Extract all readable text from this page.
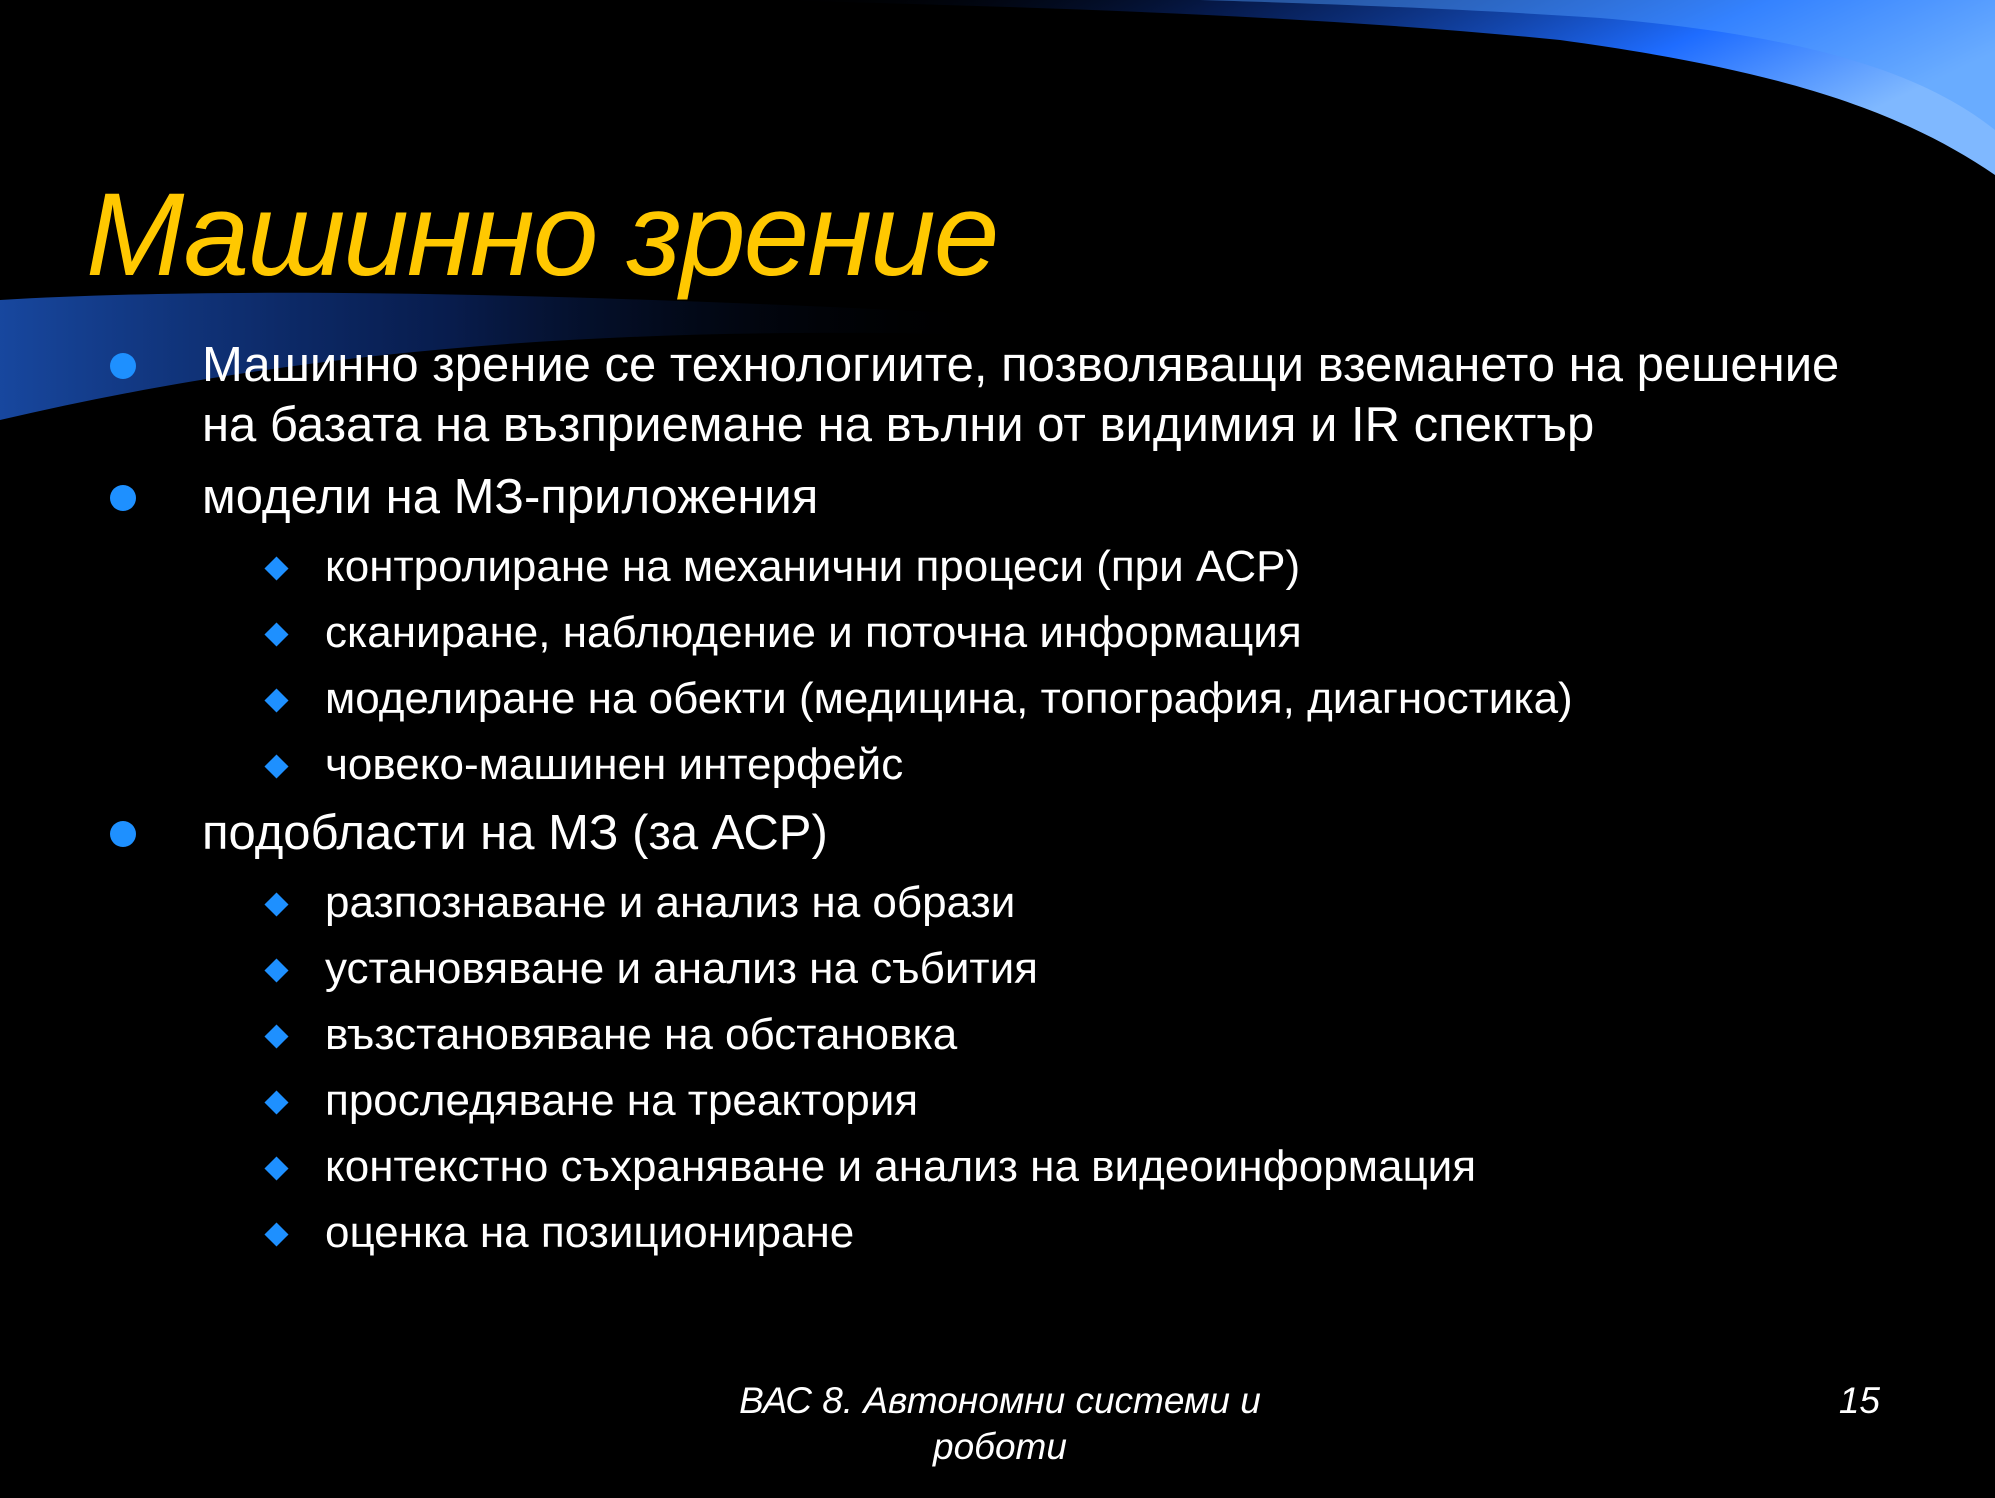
Машинно зрение
Машинно зрение се технологиите, позволяващи вземането на решение на базата на възприемане на вълни от видимия и IR спектър
модели на МЗ-приложения
контролиране на механични процеси (при АСР)
сканиране, наблюдение и поточна информация
моделиране на обекти (медицина, топография, диагностика)
човеко-машинен интерфейс
подобласти на МЗ (за АСР)
разпознаване и анализ на образи
установяване и анализ на събития
възстановяване на обстановка
проследяване на треактория
контекстно съхраняване и анализ на видеоинформация
оценка на позициониране
ВАС 8. Автономни системи и
роботи
15
